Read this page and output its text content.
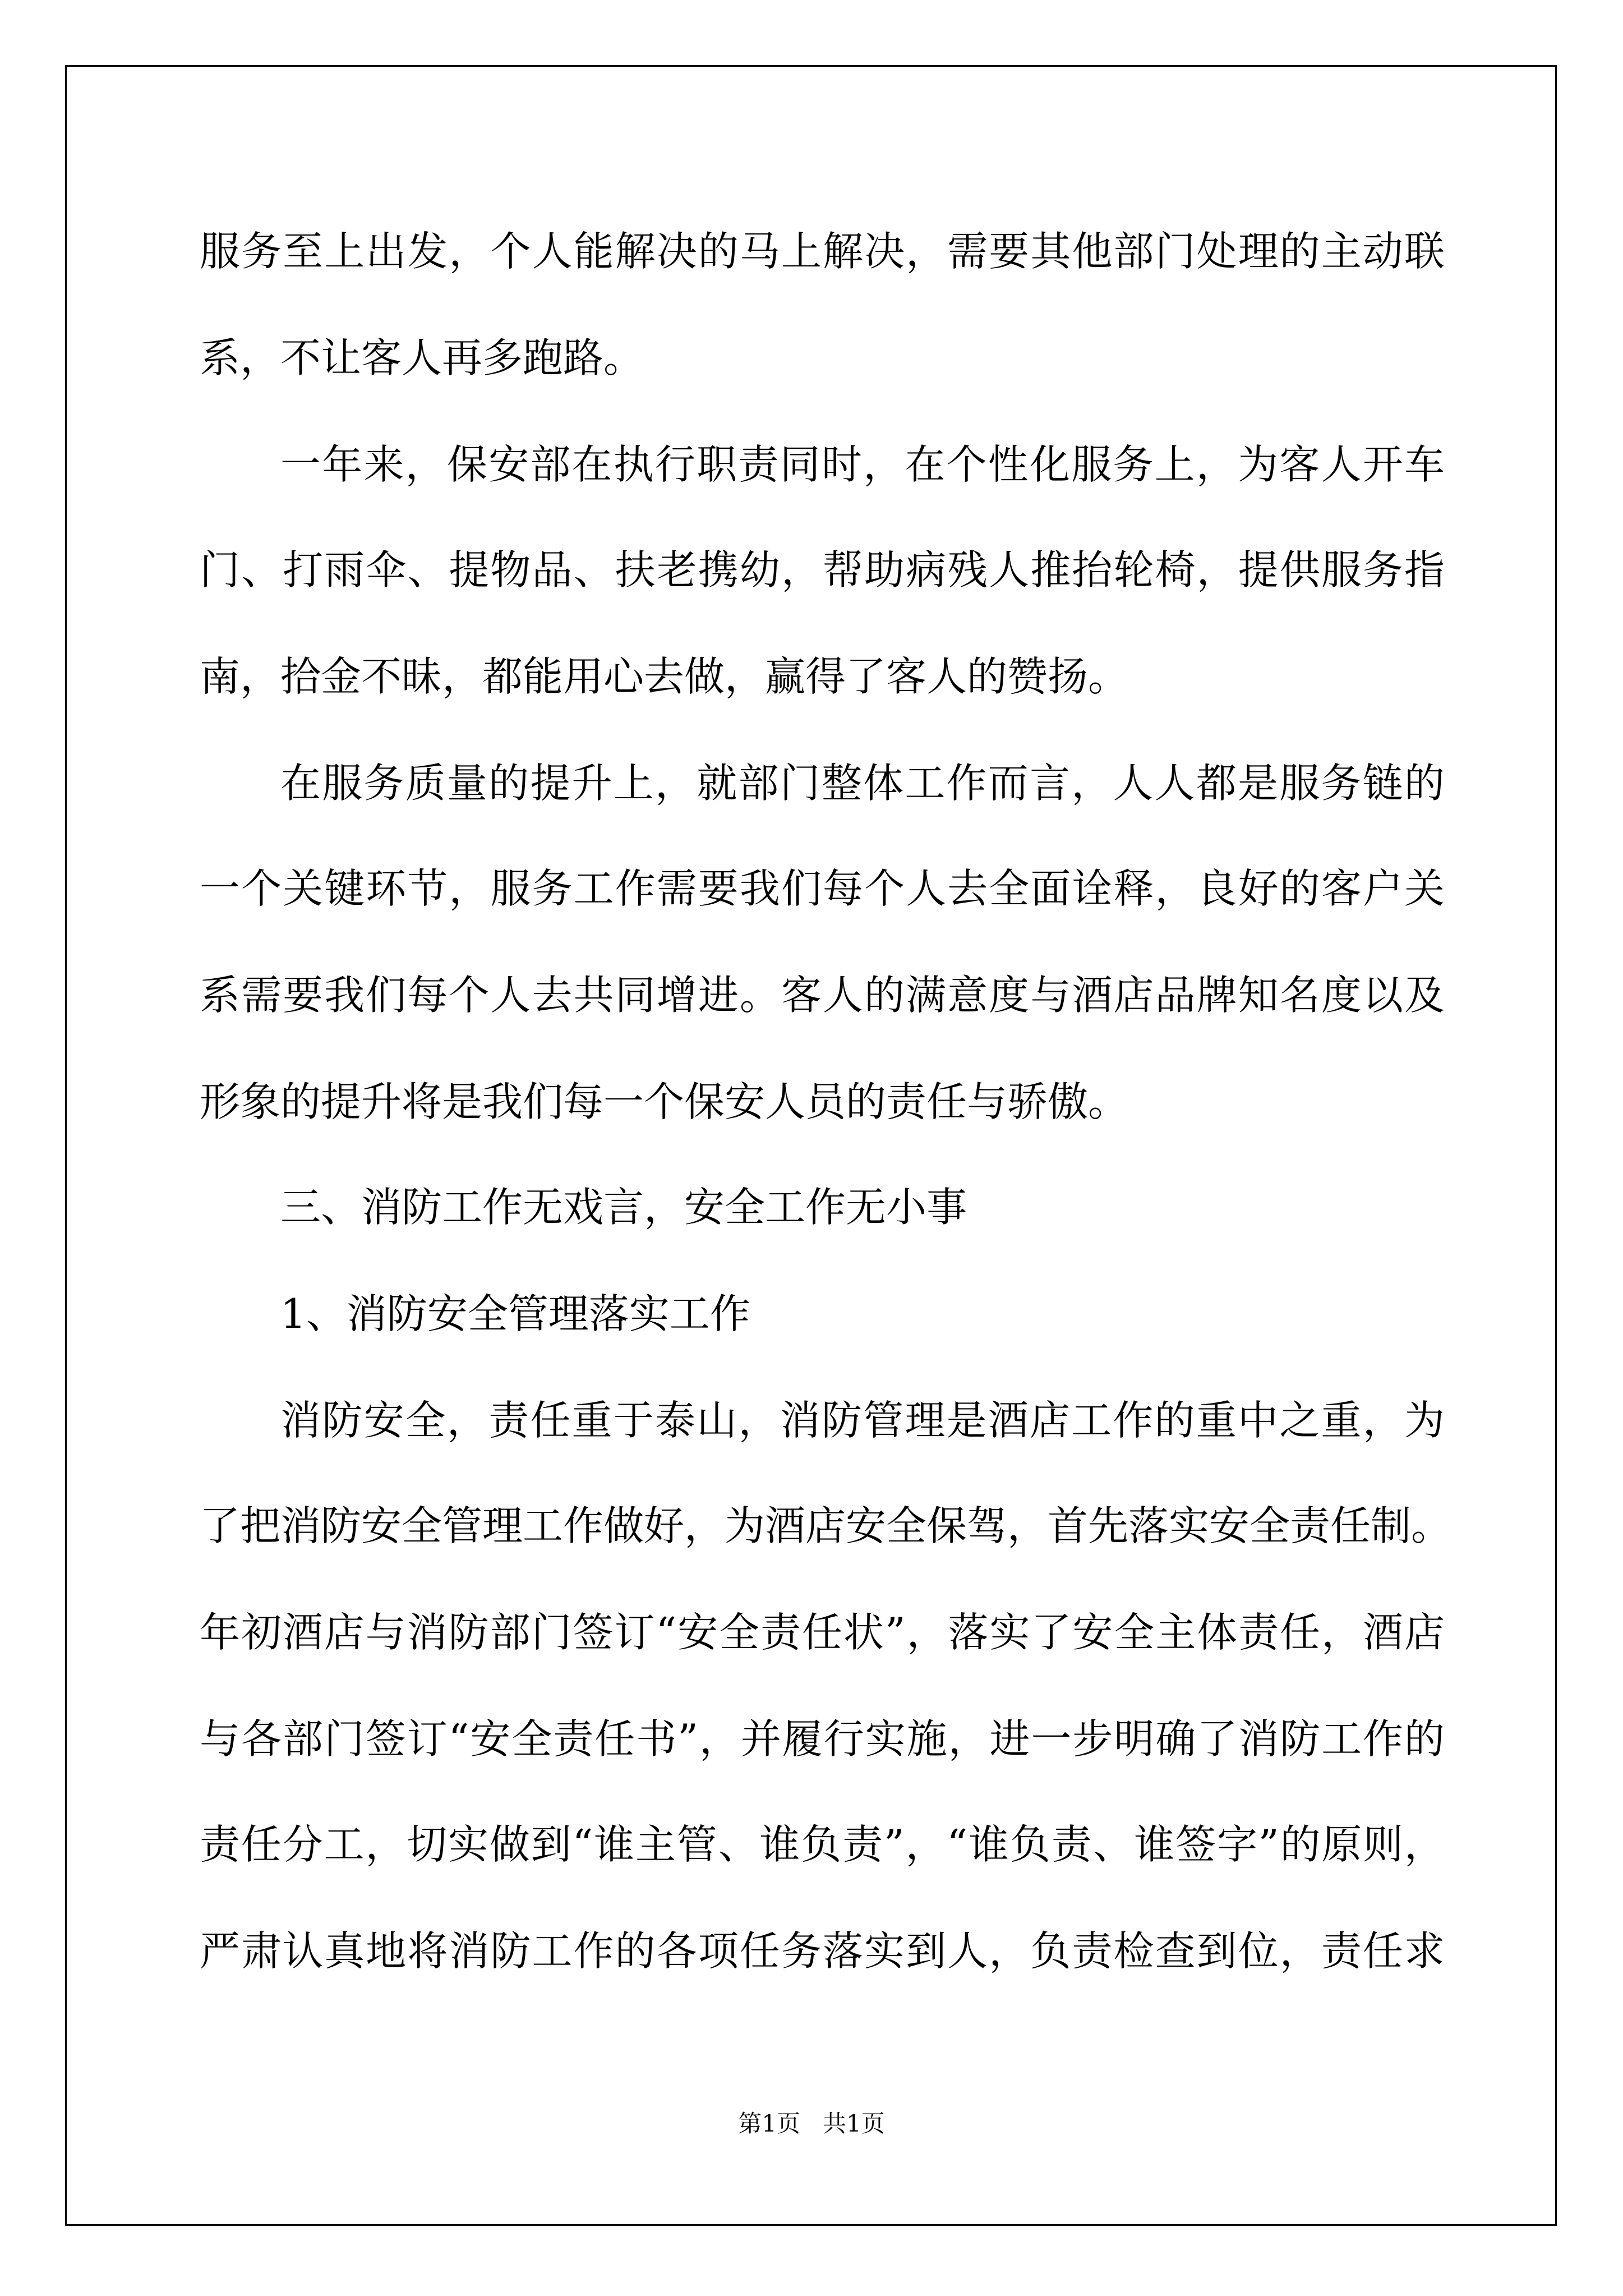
服务至上出发，个人能解决的马上解决，需要其他部门处理的主动联
系，不让客人再多跑路。
一年来，保安部在执行职责同时，在个性化服务上，为客人开车
门、打雨伞、提物品、扶老携幼，帮助病残人推抬轮椅，提供服务指
南，拾金不昧，都能用心去做，赢得了客人的赞扬。
在服务质量的提升上，就部门整体工作而言，人人都是服务链的
一个关键环节，服务工作需要我们每个人去全面诠释，良好的客户关
系需要我们每个人去共同增进。客人的满意度与酒店品牌知名度以及
形象的提升将是我们每一个保安人员的责任与骄傲。
三、消防工作无戏言，安全工作无小事
1、消防安全管理落实工作
消防安全，责任重于泰山，消防管理是酒店工作的重中之重，为
了把消防安全管理工作做好，为酒店安全保驾，首先落实安全责任制。
年初酒店与消防部门签订“安全责任状”，落实了安全主体责任，酒店
与各部门签订“安全责任书”，并履行实施，进一步明确了消防工作的
责任分工，切实做到“谁主管、谁负责”，“谁负责、谁签字”的原则，
严肃认真地将消防工作的各项任务落实到人，负责检查到位，责任求
第1页   共1页
